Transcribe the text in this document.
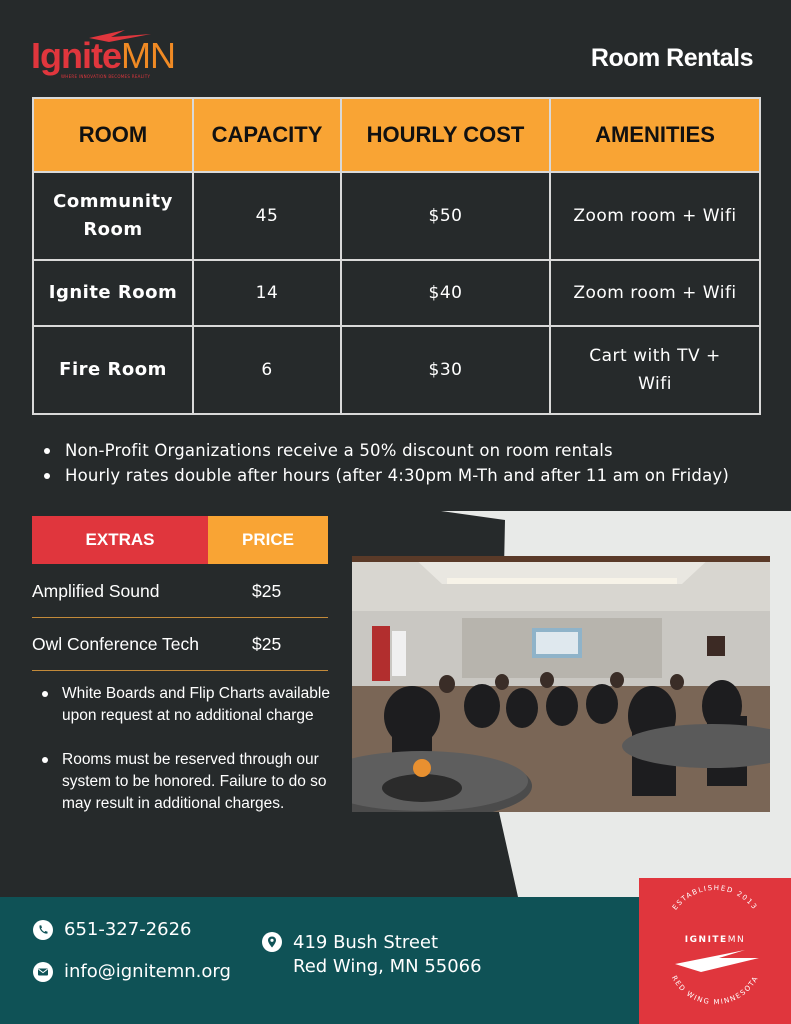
IgniteMN
WHERE INNOVATION BECOMES REALITY
Room Rentals
ROOM	CAPACITY	HOURLY COST	AMENITIES

Community Room	45	$50	Zoom room + Wifi
Ignite Room	14	$40	Zoom room + Wifi
Fire Room	6	$30	Cart with TV + Wifi
Non-Profit Organizations receive a 50% discount on room rentals
Hourly rates double after hours (after 4:30pm M-Th and after 11 am on Friday)
EXTRAS	PRICE
Amplified Sound	$25
Owl Conference Tech	$25
White Boards and Flip Charts available upon request at no additional charge
Rooms must be reserved through our system to be honored. Failure to do so may result in additional charges.
651-327-2626
info@ignitemn.org
419 Bush Street
Red Wing, MN 55066
ESTABLISHED 2013
IGNITEMN
RED WING MINNESOTA
